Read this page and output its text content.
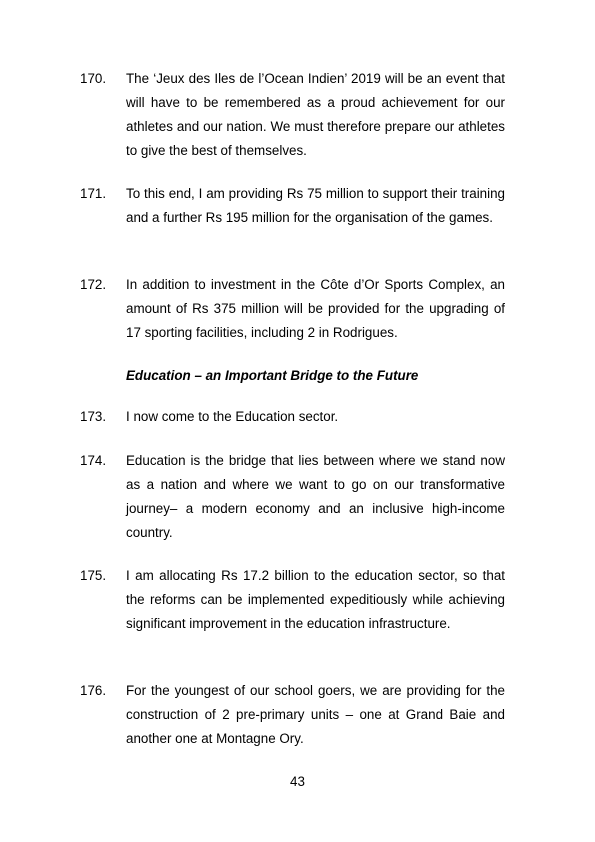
170. The ‘Jeux des Iles de l’Ocean Indien’ 2019 will be an event that will have to be remembered as a proud achievement for our athletes and our nation. We must therefore prepare our athletes to give the best of themselves.
171. To this end, I am providing Rs 75 million to support their training and a further Rs 195 million for the organisation of the games.
172. In addition to investment in the Côte d’Or Sports Complex, an amount of Rs 375 million will be provided for the upgrading of 17 sporting facilities, including 2 in Rodrigues.
Education – an Important Bridge to the Future
173. I now come to the Education sector.
174. Education is the bridge that lies between where we stand now as a nation and where we want to go on our transformative journey– a modern economy and an inclusive high-income country.
175. I am allocating Rs 17.2 billion to the education sector, so that the reforms can be implemented expeditiously while achieving significant improvement in the education infrastructure.
176. For the youngest of our school goers, we are providing for the construction of 2 pre-primary units – one at Grand Baie and another one at Montagne Ory.
43
